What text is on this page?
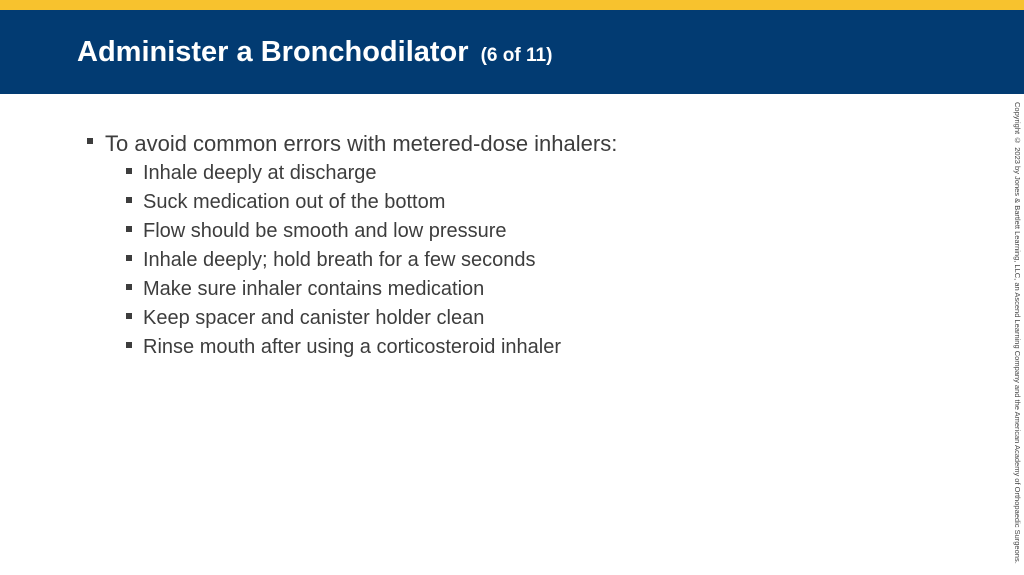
Administer a Bronchodilator (6 of 11)
To avoid common errors with metered-dose inhalers:
Inhale deeply at discharge
Suck medication out of the bottom
Flow should be smooth and low pressure
Inhale deeply; hold breath for a few seconds
Make sure inhaler contains medication
Keep spacer and canister holder clean
Rinse mouth after using a corticosteroid inhaler	Copyright © 2023 by Jones & Bartlett Learning, LLC, an Ascend Learning Company and the American Academy of Orthopaedic Surgeons.
